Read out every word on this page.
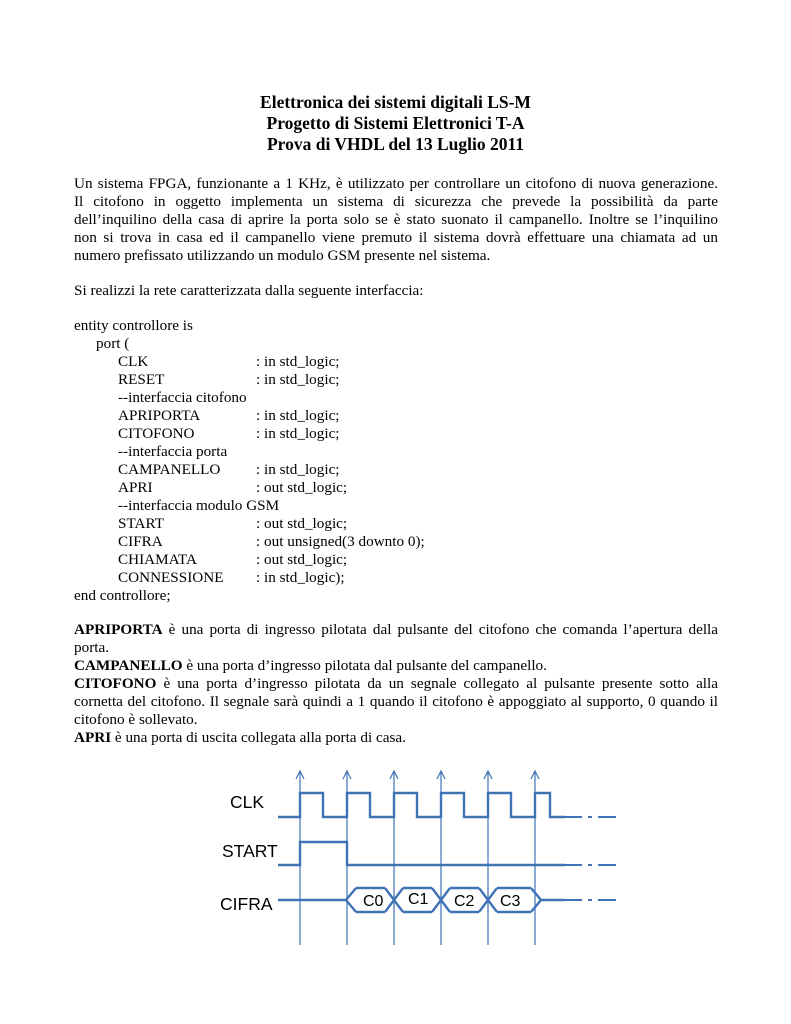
Elettronica dei sistemi digitali LS-M
Progetto di Sistemi Elettronici T-A
Prova di VHDL del 13 Luglio 2011
Un sistema FPGA, funzionante a 1 KHz, è utilizzato per controllare un citofono di nuova generazione.
Il citofono in oggetto implementa un sistema di sicurezza che prevede la possibilità da parte
dell’inquilino della casa di aprire la porta solo se è stato suonato il campanello. Inoltre se l’inquilino
non si trova in casa ed il campanello viene premuto il sistema dovrà effettuare una chiamata ad un
numero prefissato utilizzando un modulo GSM presente nel sistema.
Si realizzi la rete caratterizzata dalla seguente interfaccia:
entity controllore is
port (
CLK	: in std_logic;
RESET	: in std_logic;
--interfaccia citofono
APRIPORTA	: in std_logic;
CITOFONO	: in std_logic;
--interfaccia porta
CAMPANELLO : in std_logic;
APRI	: out std_logic;
--interfaccia modulo GSM
START	: out std_logic;
CIFRA	: out unsigned(3 downto 0);
CHIAMATA	: out std_logic;
CONNESSIONE : in std_logic);
end controllore;
APRIPORTA è una porta di ingresso pilotata dal pulsante del citofono che comanda l’apertura della
porta.
CAMPANELLO è una porta d’ingresso pilotata dal pulsante del campanello.
CITOFONO è una porta d’ingresso pilotata da un segnale collegato al pulsante presente sotto alla
cornetta del citofono. Il segnale sarà quindi a 1 quando il citofono è appoggiato al supporto, 0 quando il
citofono è sollevato.
APRI è una porta di uscita collegata alla porta di casa.
CLK
START
CIFRA	C0 C1 C2 C3
